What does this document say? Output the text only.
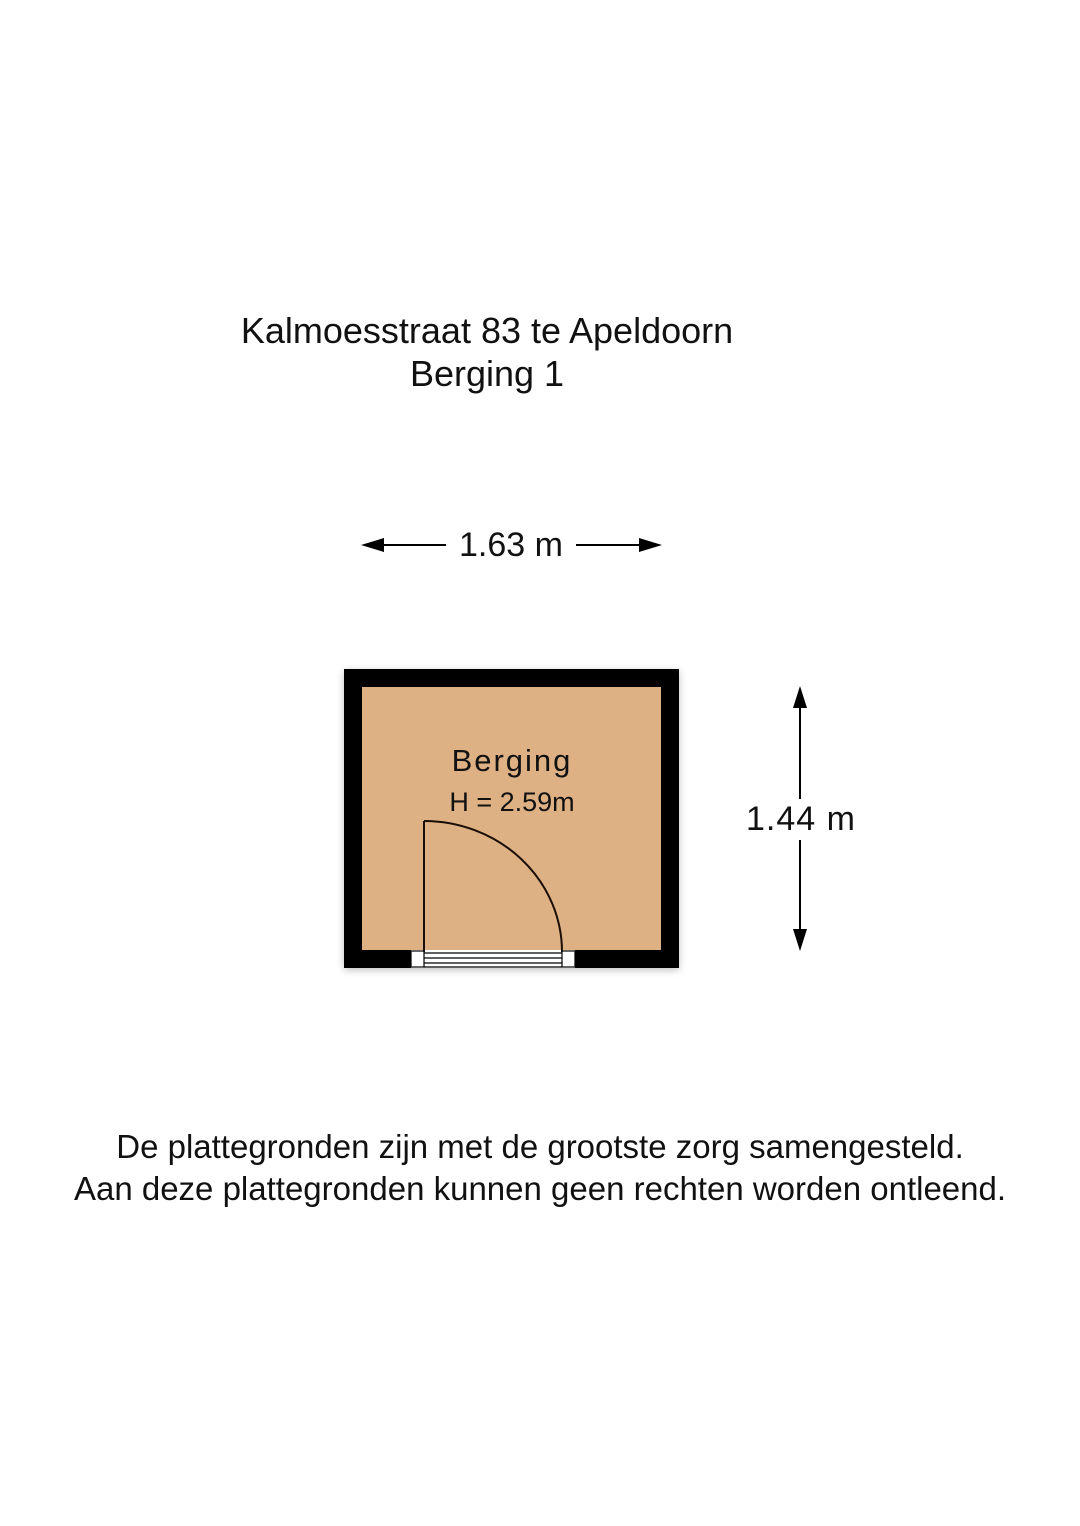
Kalmoesstraat 83 te Apeldoorn
Berging 1
1.63 m
1.44 m
Berging
H = 2.59m
De plattegronden zijn met de grootste zorg samengesteld.
Aan deze plattegronden kunnen geen rechten worden ontleend.
